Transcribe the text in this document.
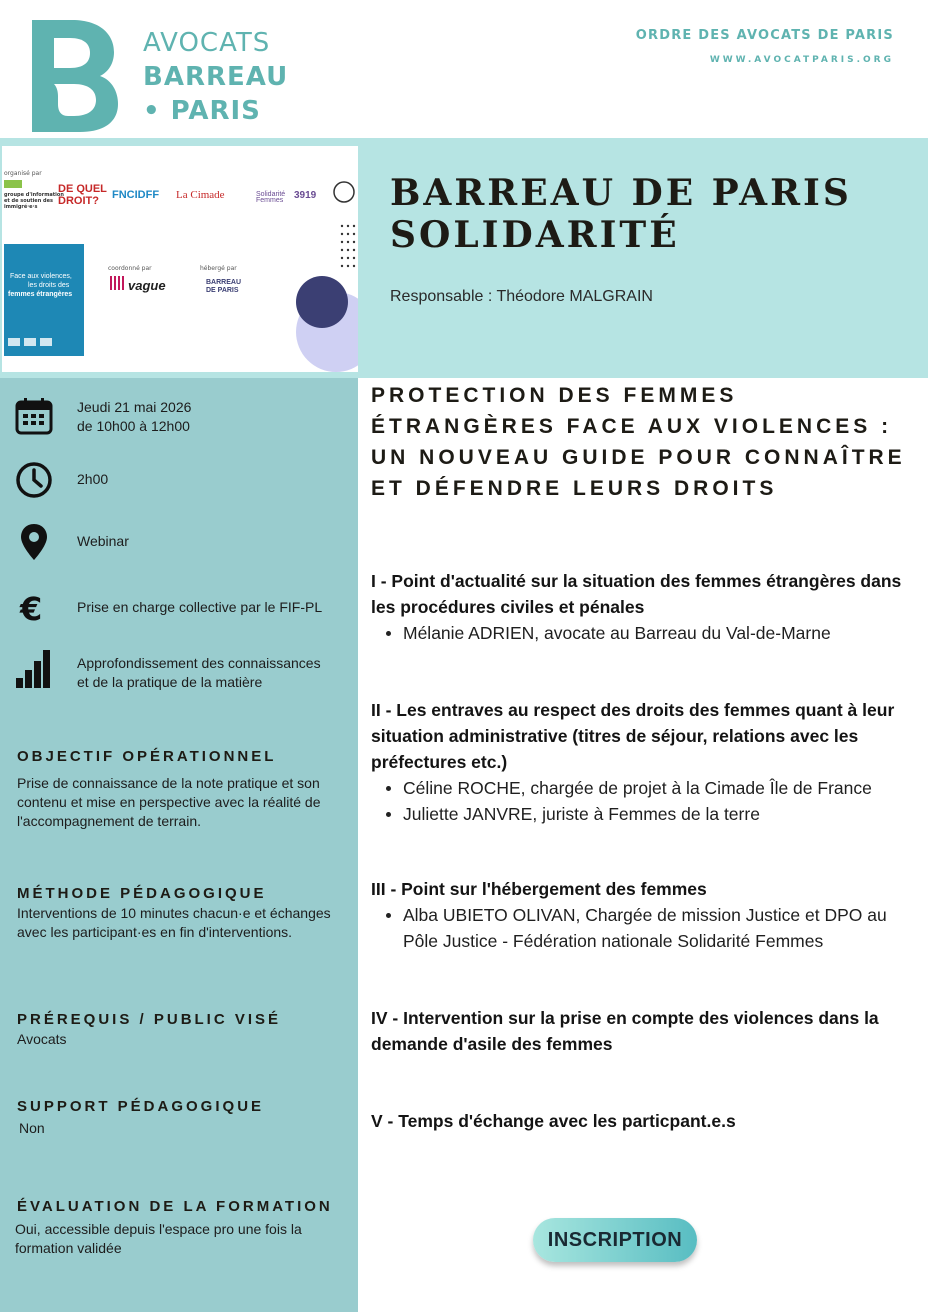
AVOCATS
BARREAU
• PARIS
ORDRE DES AVOCATS DE PARIS
WWW.AVOCATPARIS.ORG
organisé par
groupe d'information
et de soutien des
immigré·e·s
DE QUEL
DROIT? FNCIDFF La Cimade	Solidarité
Femmes 3919
Face aux violences,
les droits des
femmes étrangères
coordonné par
vague
hébergé par
BARREAU
DE PARIS
BARREAU DE PARIS
SOLIDARITÉ
Responsable : Théodore MALGRAIN
Jeudi 21 mai 2026
de 10h00 à 12h00
2h00
Webinar
€ Prise en charge collective par le FIF-PL
Approfondissement des connaissances
et de la pratique de la matière
OBJECTIF OPÉRATIONNEL
Prise de connaissance de la note pratique et son contenu et mise en perspective avec la réalité de l'accompagnement de terrain.
MÉTHODE PÉDAGOGIQUE
Interventions de 10 minutes chacun·e et échanges avec les participant·es en fin d'interventions.
PRÉREQUIS / PUBLIC VISÉ
Avocats
SUPPORT PÉDAGOGIQUE
Non
ÉVALUATION DE LA FORMATION
Oui, accessible depuis l'espace pro une fois la formation validée
PROTECTION DES FEMMES ÉTRANGÈRES FACE AUX VIOLENCES : UN NOUVEAU GUIDE POUR CONNAÎTRE ET DÉFENDRE LEURS DROITS
I - Point d'actualité sur la situation des femmes étrangères dans les procédures civiles et pénales
Mélanie ADRIEN, avocate au Barreau du Val-de-Marne
II - Les entraves au respect des droits des femmes quant à leur situation administrative (titres de séjour, relations avec les préfectures etc.)
Céline ROCHE, chargée de projet à la Cimade Île de France
Juliette JANVRE, juriste à Femmes de la terre
III - Point sur l'hébergement des femmes
Alba UBIETO OLIVAN, Chargée de mission Justice et DPO au Pôle Justice - Fédération nationale Solidarité Femmes
IV - Intervention sur la prise en compte des violences dans la demande d'asile des femmes
V - Temps d'échange avec les particpant.e.s
INSCRIPTION
